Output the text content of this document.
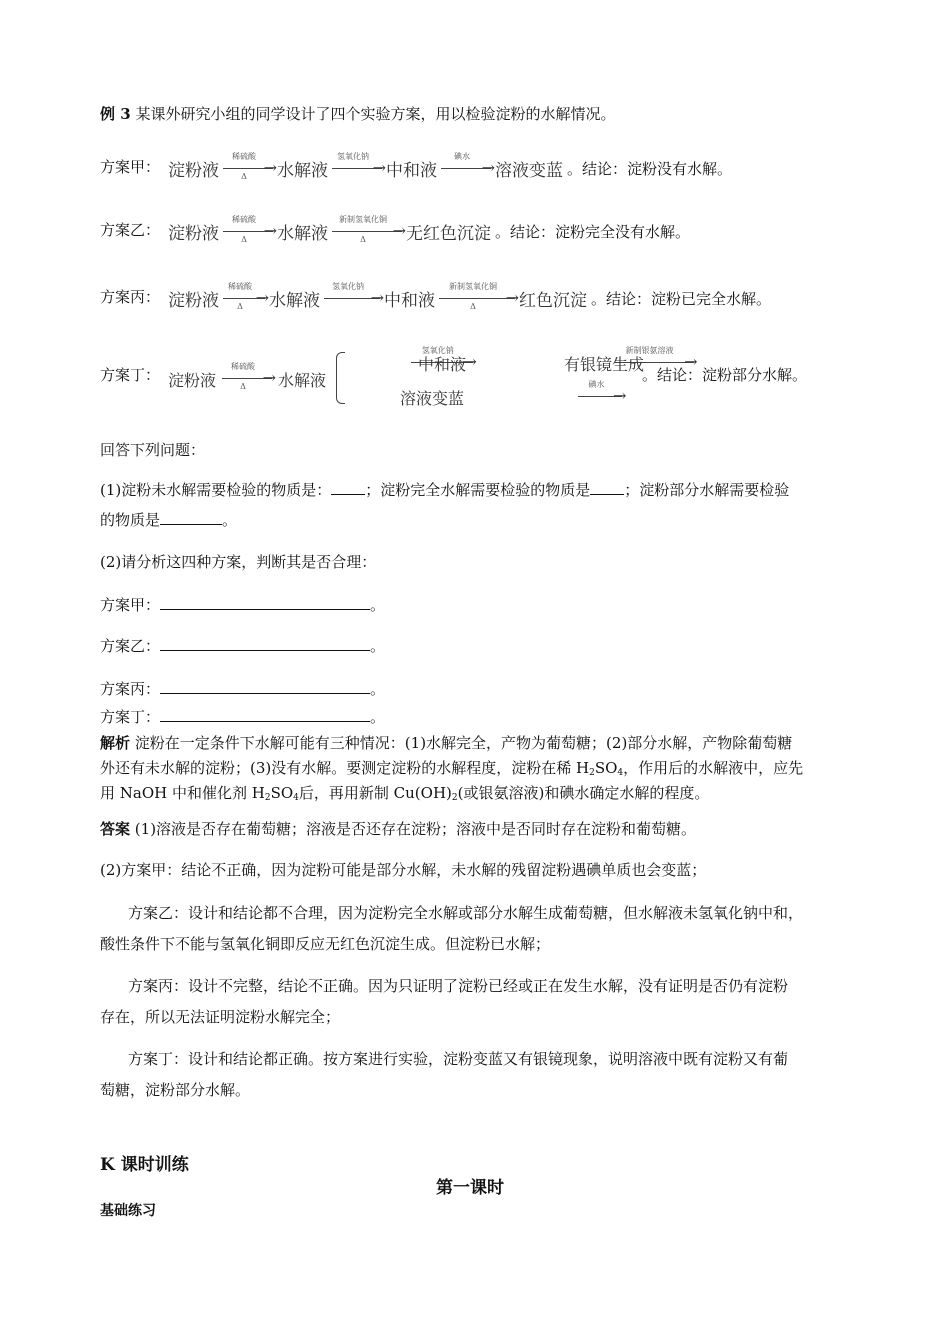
例 3 某课外研究小组的同学设计了四个实验方案，用以检验淀粉的水解情况。
方案甲： 淀粉液
稀硫酸
→
Δ	水解液
氢氧化钠
→ 中和液
碘水
→ 溶液变蓝 。结论：淀粉没有水解。
方案乙： 淀粉液
稀硫酸
→
Δ	水解液
新制氢氧化铜
→
Δ	无红色沉淀 。结论：淀粉完全没有水解。
方案丙： 淀粉液
稀硫酸
→
Δ	水解液
氢氧化钠
→ 中和液
新制氢氧化铜
→
Δ	红色沉淀 。结论：淀粉已完全水解。
方案丁： 淀粉液
稀硫酸
→
Δ
	水解液
氢氧化钠
→

中和液
新制银氨溶液
→

有银镜生成
碘水
→
溶液变蓝
。结论：淀粉部分水解。
回答下列问题：
(1)淀粉未水解需要检验的物质是： ；淀粉完全水解需要检验的物质是 ；淀粉部分水解需要检验
的物质是	。
(2)请分析这四种方案，判断其是否合理：
方案甲：	。
方案乙：	。
方案丙：	。
方案丁：	。
解析 淀粉在一定条件下水解可能有三种情况：(1)水解完全，产物为葡萄糖；(2)部分水解，产物除葡萄糖
外还有未水解的淀粉；(3)没有水解。要测定淀粉的水解程度，淀粉在稀 $H_2SO_4$，作用后的水解液中，应先
用 NaOH 中和催化剂 $H_2SO_4$后，再用新制 $Cu(OH)_2$(或银氨溶液)和碘水确定水解的程度。
答案 (1)溶液是否存在葡萄糖；溶液是否还存在淀粉；溶液中是否同时存在淀粉和葡萄糖。
(2)方案甲：结论不正确，因为淀粉可能是部分水解，未水解的残留淀粉遇碘单质也会变蓝；
方案乙：设计和结论都不合理，因为淀粉完全水解或部分水解生成葡萄糖，但水解液未氢氧化钠中和，
酸性条件下不能与氢氧化铜即反应无红色沉淀生成。但淀粉已水解；
方案丙：设计不完整，结论不正确。因为只证明了淀粉已经或正在发生水解，没有证明是否仍有淀粉
存在，所以无法证明淀粉水解完全；
方案丁：设计和结论都正确。按方案进行实验，淀粉变蓝又有银镜现象，说明溶液中既有淀粉又有葡
萄糖，淀粉部分水解。
K 课时训练
第一课时
基础练习
